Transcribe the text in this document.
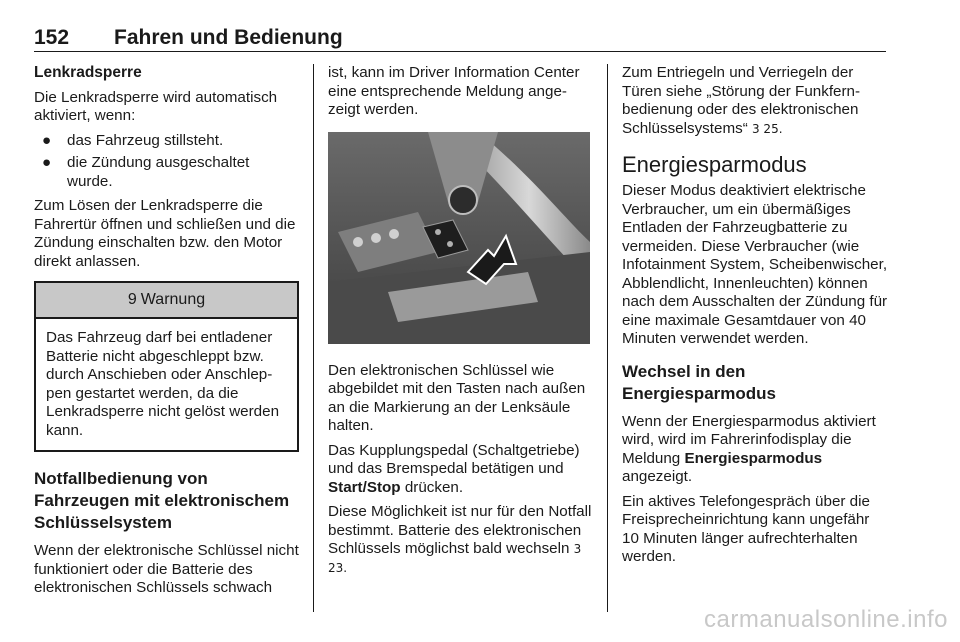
152 Fahren und Bedienung
Lenkradsperre

Die Lenkradsperre wird automatisch aktiviert, wenn:

● das Fahrzeug stillsteht.
● die Zündung ausgeschaltet wurde.

Zum Lösen der Lenkradsperre die Fahrertür öffnen und schließen und die Zündung einschalten bzw. den Motor direkt anlassen.

9 Warnung
Das Fahrzeug darf bei entladener Batterie nicht abgeschleppt bzw. durch Anschieben oder Anschleppen gestartet werden, da die Lenkradsperre nicht gelöst werden kann.
Notfallbedienung von Fahrzeugen mit elektronischem Schlüsselsystem

Wenn der elektronische Schlüssel nicht funktioniert oder die Batterie des elektronischen Schlüssels schwach

ist, kann im Driver Information Center eine entsprechende Meldung angezeigt werden.

Den elektronischen Schlüssel wie abgebildet mit den Tasten nach außen an die Markierung an der Lenksäule halten.

Das Kupplungspedal (Schaltgetriebe) und das Bremspedal betätigen und Start/Stop drücken.

Diese Möglichkeit ist nur für den Notfall bestimmt. Batterie des elektronischen Schlüssels möglichst bald wechseln 3 23.

Zum Entriegeln und Verriegeln der Türen siehe „Störung der Funkfernbedienung oder des elektronischen Schlüsselsystems“ 3 25.

Energiesparmodus

Dieser Modus deaktiviert elektrische Verbraucher, um ein übermäßiges Entladen der Fahrzeugbatterie zu vermeiden. Diese Verbraucher (wie Infotainment System, Scheibenwischer, Abblendlicht, Innenleuchten) können nach dem Ausschalten der Zündung für eine maximale Gesamtdauer von 40 Minuten verwendet werden.

Wechsel in den Energiesparmodus

Wenn der Energiesparmodus aktiviert wird, wird im Fahrerinfodisplay die Meldung Energiesparmodus angezeigt.

Ein aktives Telefongespräch über die Freisprecheinrichtung kann ungefähr 10 Minuten länger aufrechterhalten werden.

carmanualsonline.info
